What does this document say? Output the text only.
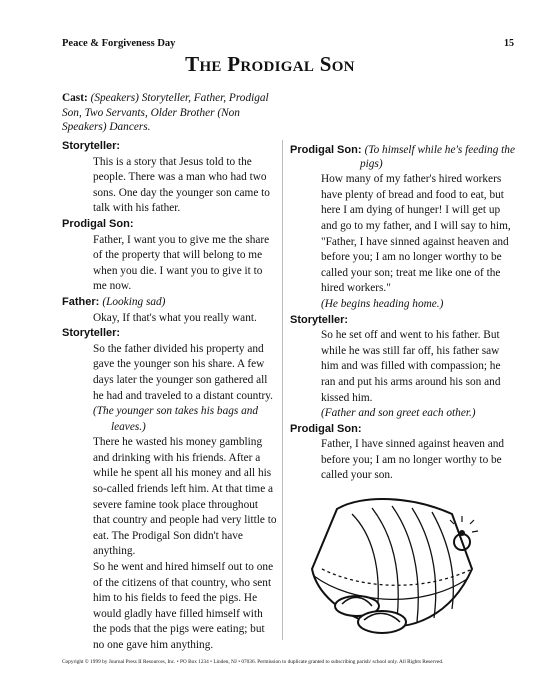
Peace & Forgiveness Day	15
The Prodigal Son
Cast: (Speakers) Storyteller, Father, Prodigal Son, Two Servants, Older Brother (Non Speakers) Dancers.

Storyteller:

This is a story that Jesus told to the people. There was a man who had two sons. One day the younger son came to talk with his father.

Prodigal Son:

Father, I want you to give me the share of the property that will belong to me when you die. I want you to give it to me now.

Father: (Looking sad)

Okay, If that's what you really want.

Storyteller:

So the father divided his property and gave the younger son his share. A few days later the younger son gathered all he had and traveled to a distant country.

(The younger son takes his bags and
leaves.)

There he wasted his money gambling and drinking with his friends. After a while he spent all his money and all his so-called friends left him. At that time a severe famine took place throughout that country and people had very little to eat. The Prodigal Son didn't have anything.

So he went and hired himself out to one of the citizens of that country, who sent him to his fields to feed the pigs. He would gladly have filled himself with the pods that the pigs were eating; but no one gave him anything.

Prodigal Son: (To himself while he's feeding the

pigs)

How many of my father's hired workers have plenty of bread and food to eat, but here I am dying of hunger! I will get up and go to my father, and I will say to him, "Father, I have sinned against heaven and before you; I am no longer worthy to be called your son; treat me like one of the hired workers."

(He begins heading home.)

Storyteller:

So he set off and went to his father. But while he was still far off, his father saw him and was filled with compassion; he ran and put his arms around his son and kissed him.

(Father and son greet each other.)

Prodigal Son:

Father, I have sinned against heaven and before you; I am no longer worthy to be called your son.

Copyright © 1999 by Journal Press II Resources, Inc. • PO Box 1234 • Linden, NJ • 07036. Permission to duplicate granted to subscribing parish/ school only. All Rights Reserved.
